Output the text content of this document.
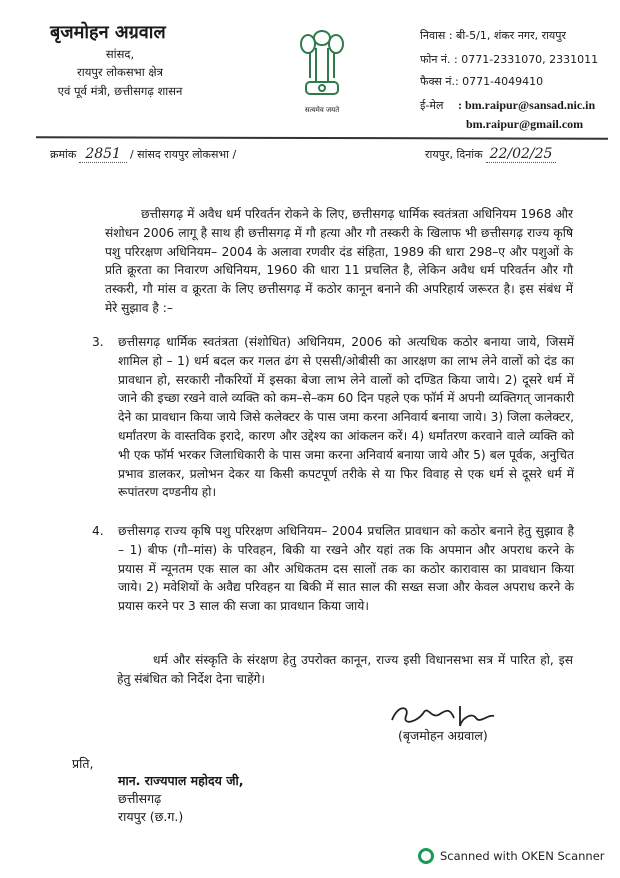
बृजमोहन अग्रवाल
सांसद,
रायपुर लोकसभा क्षेत्र
एवं पूर्व मंत्री, छत्तीसगढ़ शासन
सत्यमेव जयते
निवास : बी-5/1, शंकर नगर, रायपुर
फोन नं. : 0771-2331070, 2331011
फैक्स नं.: 0771-4049410
ई-मेल : bm.raipur@sansad.nic.in
bm.raipur@gmail.com
क्रमांक 2851 / सांसद रायपुर लोकसभा /	रायपुर, दिनांक 22/02/25
छत्तीसगढ़ में अवैध धर्म परिवर्तन रोकने के लिए, छत्तीसगढ़ धार्मिक स्वतंत्रता अधिनियम 1968 और संशोधन 2006 लागू है साथ ही छत्तीसगढ़ में गौ हत्या और गौ तस्करी के खिलाफ भी छत्तीसगढ़ राज्य कृषि पशु परिरक्षण अधिनियम– 2004 के अलावा रणवीर दंड संहिता, 1989 की धारा 298–ए और पशुओं के प्रति क्रूरता का निवारण अधिनियम, 1960 की धारा 11 प्रचलित है, लेकिन अवैध धर्म परिवर्तन और गौ तस्करी, गौ मांस व क्रूरता के लिए छत्तीसगढ़ में कठोर कानून बनाने की अपरिहार्य जरूरत है। इस संबंध में मेरे सुझाव है :–
3.	छत्तीसगढ़ धार्मिक स्वतंत्रता (संशोधित) अधिनियम, 2006 को अत्यधिक कठोर बनाया जाये, जिसमें शामिल हो – 1) धर्म बदल कर गलत ढंग से एससी/ओबीसी का आरक्षण का लाभ लेने वालों को दंड का प्रावधान हो, सरकारी नौकरियों में इसका बेजा लाभ लेने वालों को दण्डित किया जाये। 2) दूसरे धर्म में जाने की इच्छा रखने वाले व्यक्ति को कम–से–कम 60 दिन पहले एक फॉर्म में अपनी व्यक्तिगत् जानकारी देने का प्रावधान किया जाये जिसे कलेक्टर के पास जमा करना अनिवार्य बनाया जाये। 3) जिला कलेक्टर, धर्मांतरण के वास्तविक इरादे, कारण और उद्देश्य का आंकलन करें। 4) धर्मांतरण करवाने वाले व्यक्ति को भी एक फॉर्म भरकर जिलाधिकारी के पास जमा करना अनिवार्य बनाया जाये और 5) बल पूर्वक, अनुचित प्रभाव डालकर, प्रलोभन देकर या किसी कपटपूर्ण तरीके से या फिर विवाह से एक धर्म से दूसरे धर्म में रूपांतरण दण्डनीय हो।
4.	छत्तीसगढ़ राज्य कृषि पशु परिरक्षण अधिनियम– 2004 प्रचलित प्रावधान को कठोर बनाने हेतु सुझाव है – 1) बीफ (गौ–मांस) के परिवहन, बिकी या रखने और यहां तक कि अपमान और अपराध करने के प्रयास में न्यूनतम एक साल का और अधिकतम दस सालों तक का कठोर कारावास का प्रावधान किया जाये। 2) मवेशियों के अवैद्य परिवहन या बिकी में सात साल की सख्त सजा और केवल अपराध करने के प्रयास करने पर 3 साल की सजा का प्रावधान किया जाये।
धर्म और संस्कृति के संरक्षण हेतु उपरोक्त कानून, राज्य इसी विधानसभा सत्र में पारित हो, इस हेतु संबंधित को निर्देश देना चाहेंगे।
(बृजमोहन अग्रवाल)
प्रति,
मान. राज्यपाल महोदय जी,
छत्तीसगढ़
रायपुर (छ.ग.)
Scanned with OKEN Scanner
